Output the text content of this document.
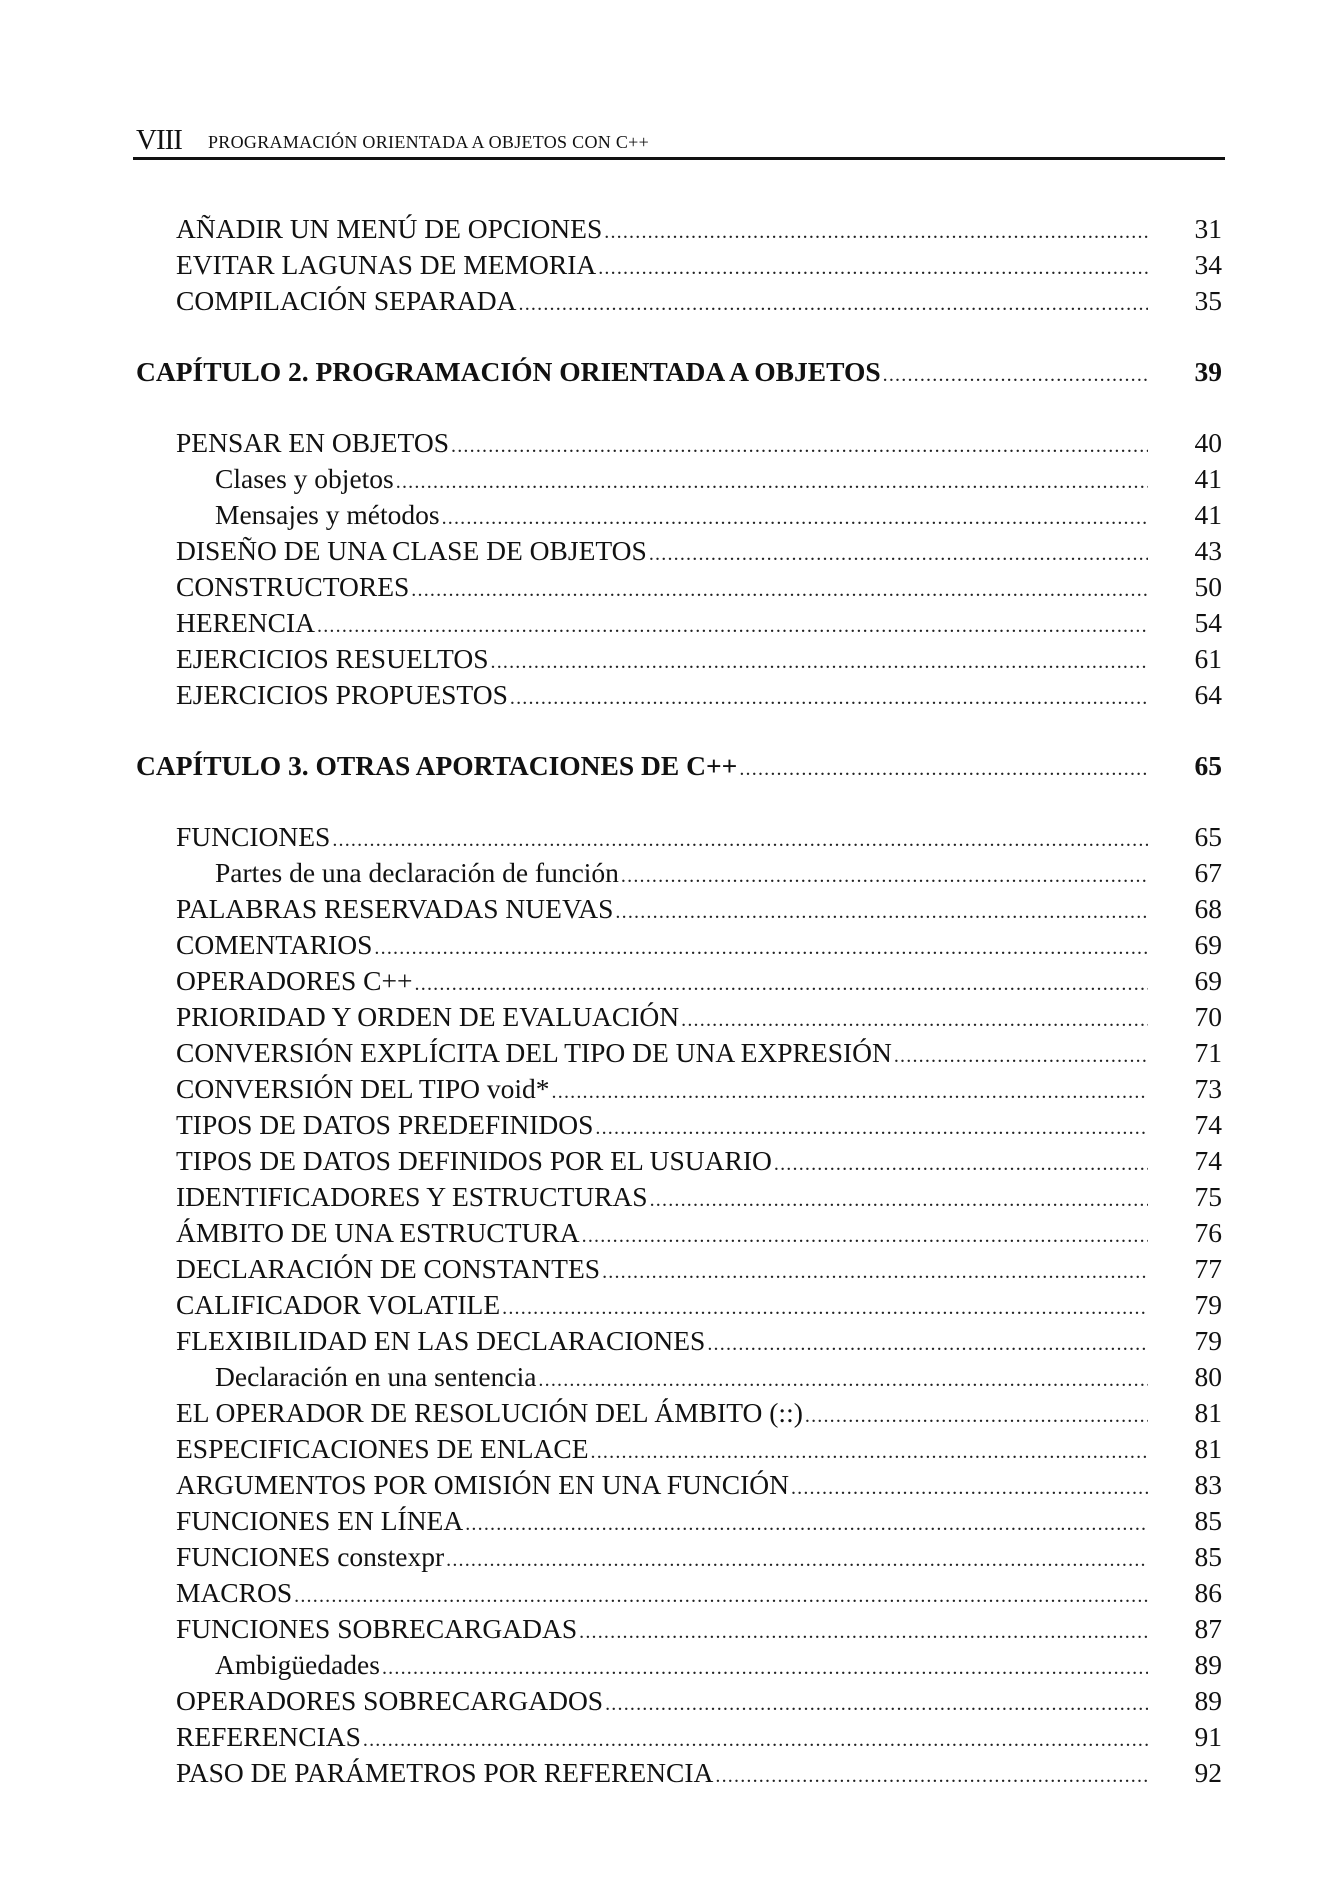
VIII PROGRAMACIÓN ORIENTADA A OBJETOS CON C++
AÑADIR UN MENÚ DE OPCIONES .....	31
EVITAR LAGUNAS DE MEMORIA .....	34
COMPILACIÓN SEPARADA .....	35
CAPÍTULO 2. PROGRAMACIÓN ORIENTADA A OBJETOS .....	39
PENSAR EN OBJETOS .....	40
Clases y objetos .....	41
Mensajes y métodos .....	41
DISEÑO DE UNA CLASE DE OBJETOS .....	43
CONSTRUCTORES .....	50
HERENCIA .....	54
EJERCICIOS RESUELTOS .....	61
EJERCICIOS PROPUESTOS .....	64
CAPÍTULO 3. OTRAS APORTACIONES DE C++ .....	65
FUNCIONES .....	65
Partes de una declaración de función .....	67
PALABRAS RESERVADAS NUEVAS .....	68
COMENTARIOS .....	69
OPERADORES C++ .....	69
PRIORIDAD Y ORDEN DE EVALUACIÓN .....	70
CONVERSIÓN EXPLÍCITA DEL TIPO DE UNA EXPRESIÓN .....	71
CONVERSIÓN DEL TIPO void* .....	73
TIPOS DE DATOS PREDEFINIDOS .....	74
TIPOS DE DATOS DEFINIDOS POR EL USUARIO .....	74
IDENTIFICADORES Y ESTRUCTURAS .....	75
ÁMBITO DE UNA ESTRUCTURA .....	76
DECLARACIÓN DE CONSTANTES .....	77
CALIFICADOR VOLATILE .....	79
FLEXIBILIDAD EN LAS DECLARACIONES .....	79
Declaración en una sentencia .....	80
EL OPERADOR DE RESOLUCIÓN DEL ÁMBITO (::) .....	81
ESPECIFICACIONES DE ENLACE .....	81
ARGUMENTOS POR OMISIÓN EN UNA FUNCIÓN .....	83
FUNCIONES EN LÍNEA .....	85
FUNCIONES constexpr .....	85
MACROS .....	86
FUNCIONES SOBRECARGADAS .....	87
Ambigüedades .....	89
OPERADORES SOBRECARGADOS .....	89
REFERENCIAS .....	91
PASO DE PARÁMETROS POR REFERENCIA .....	92
